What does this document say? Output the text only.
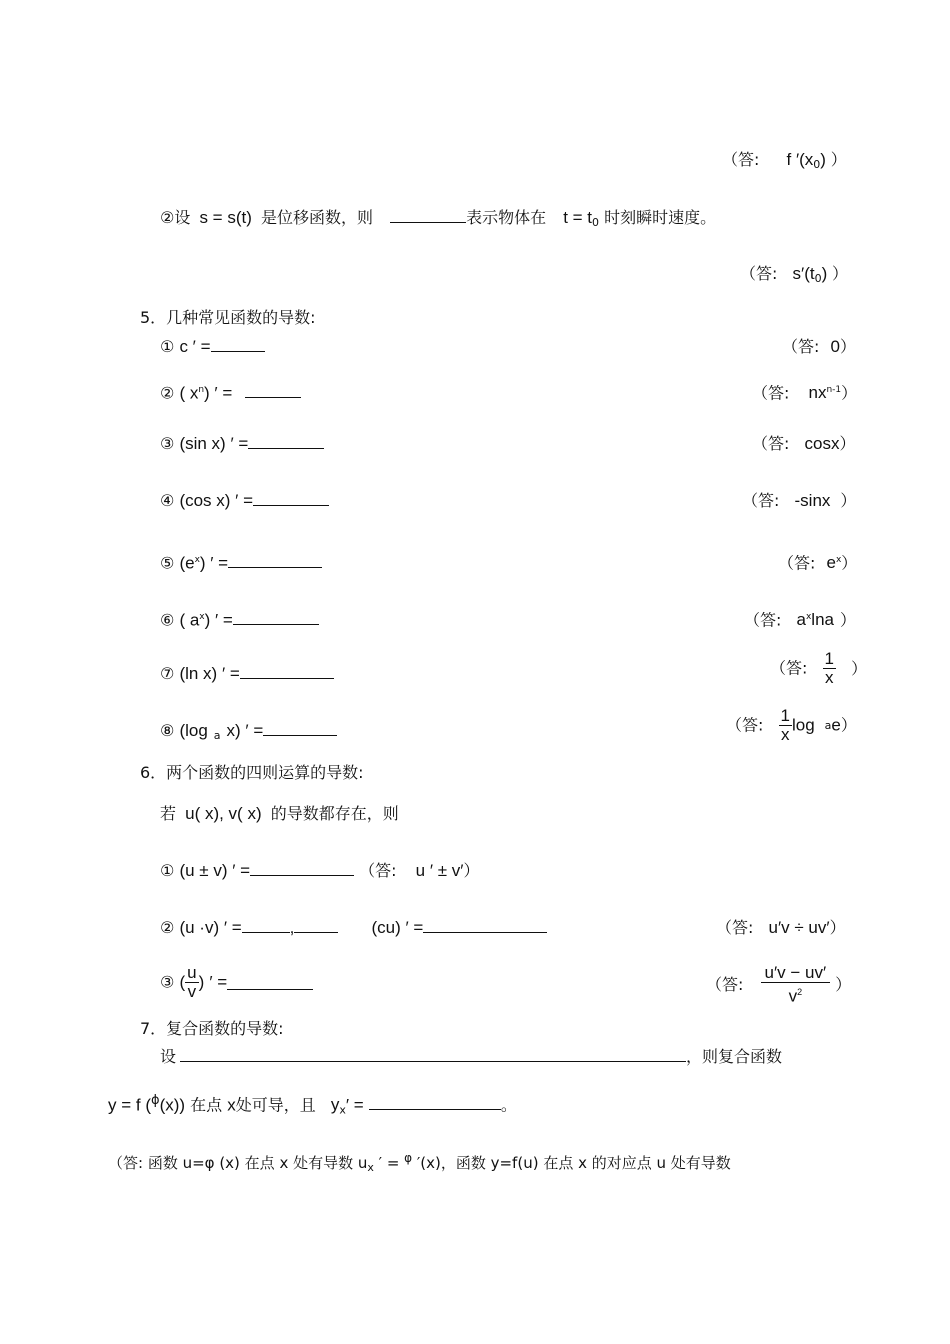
（答: f $'(x_0)$ ）
②设 s = s(t) 是位移函数，则	表示物体在 $t = t_0$ 时刻瞬时速度。
（答: $s'(t_0)$ ）
5．几种常见函数的导数:
① c ′ =	（答: 0）
② ( $x^n$) ′ =	（答: $nx^{n-1}$）
③ (sin x) ′ =	（答: cosx）
④ (cos x) ′ =	（答: -sinx ）
⑤ $(e^x)$ ′ =	（答: $e^x$）
⑥ ( $a^x$) ′ =	（答: $a^x\ln a$ ）
⑦ (ln x) ′ =	（答: $\frac{1}{x}$ ）
⑧ (log $_a$ x) ′ =	（答: $\frac{1}{x}$ log ae）
6．两个函数的四则运算的导数:
若 u( x), v( x) 的导数都存在，则
① (u ± v) ′ =	（答: u ′ ± v′）
② (u ·v) ′ =	,	(cu) ′ =	（答: u′v ÷ uv′）
③ ( $\frac{u}{v}$ ) ′ =	（答: $\frac{u'v - uv'}{v^2}$ ）
7．复合函数的导数:
设	，则复合函数
y = f ($^\phi$(x)) 在点 x处可导，且 $y_x'$ =	。
（答: 函数 u=φ (x) 在点 x 处有导数 $u_x$ ′ = $^\varphi$ ′(x)，函数 y=f(u) 在点 x 的对应点 u 处有导数
